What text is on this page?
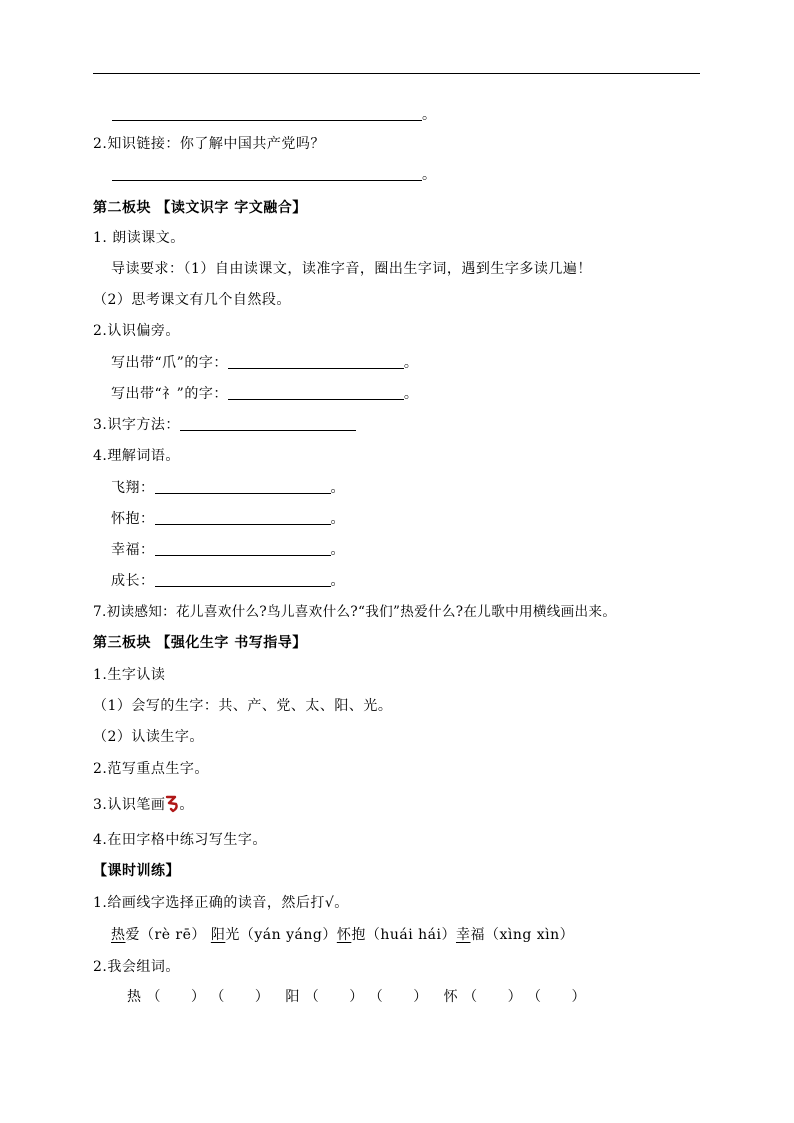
。
2.知识链接：你了解中国共产党吗？
。
第二板块 【读文识字 字文融合】
1. 朗读课文。
导读要求：（1）自由读课文，读准字音，圈出生字词，遇到生字多读几遍！
（2）思考课文有几个自然段。
2.认识偏旁。
写出带“爪”的字：	。
写出带“礻”的字：	。
3.识字方法：
4.理解词语。
飞翔：	。
怀抱：	。
幸福：	。
成长：	。
7.初读感知：花儿喜欢什么?鸟儿喜欢什么?“我们”热爱什么?在儿歌中用横线画出来。
第三板块 【强化生字 书写指导】
1.生字认读
（1）会写的生字：共、产、党、太、阳、光。
（2）认读生字。
2.范写重点生字。
3.认识笔画 。
4.在田字格中练习写生字。
【课时训练】
1.给画线字选择正确的读音，然后打√。
热爱（rè rē） 阳光（yán yáng）怀抱（huái hái）幸福（xìng xìn）
2.我会组词。
热 （ ） （ ） 阳 （ ） （ ） 怀 （ ） （ ）
